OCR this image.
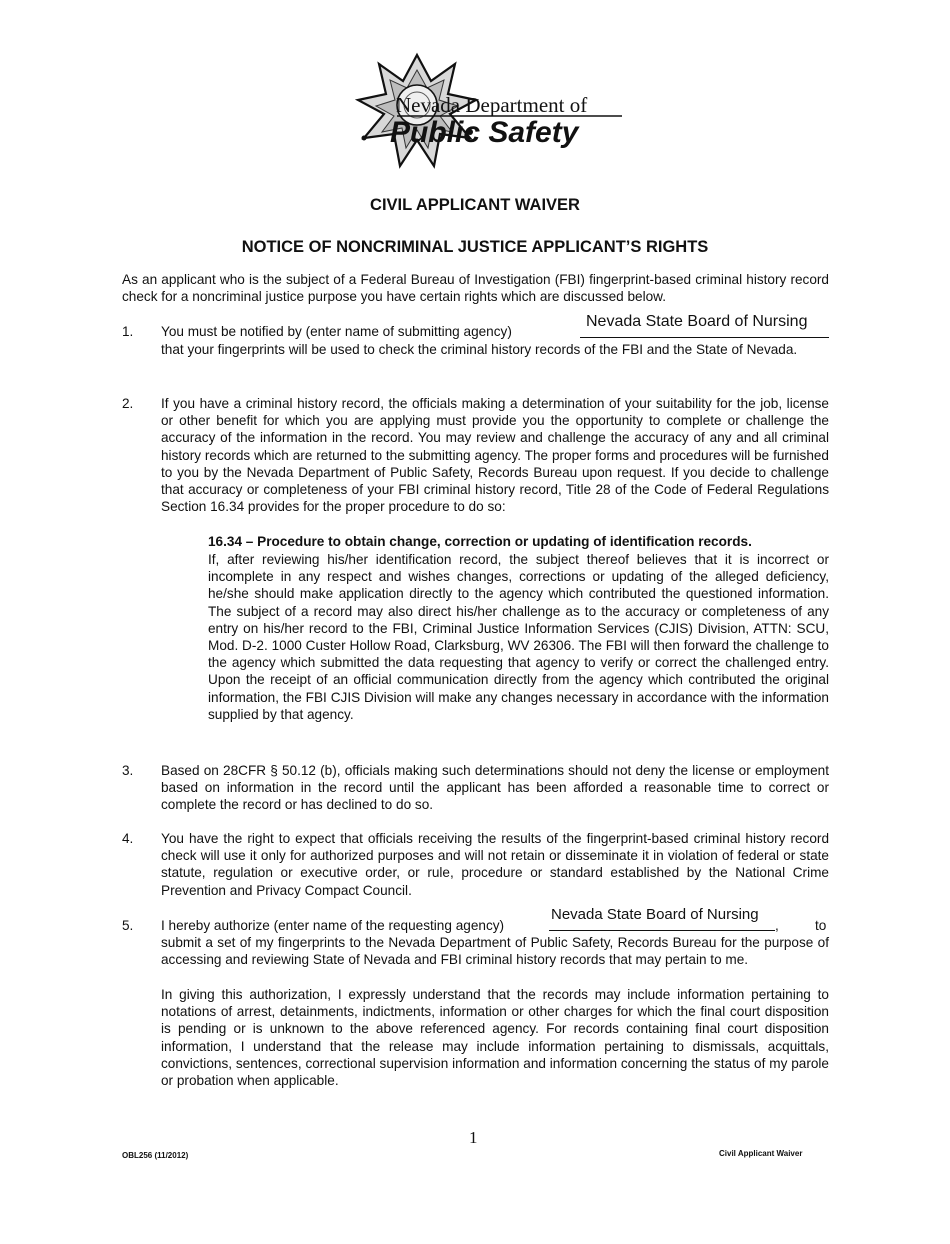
Nevada Department of
Public Safety
CIVIL APPLICANT WAIVER
NOTICE OF NONCRIMINAL JUSTICE APPLICANT’S RIGHTS
As an applicant who is the subject of a Federal Bureau of Investigation (FBI) fingerprint-based criminal history record check for a noncriminal justice purpose you have certain rights which are discussed below.
1. You must be notified by (enter name of submitting agency)
Nevada State Board of Nursing
that your fingerprints will be used to check the criminal history records of the FBI and the State of Nevada.
2. If you have a criminal history record, the officials making a determination of your suitability for the job, license or other benefit for which you are applying must provide you the opportunity to complete or challenge the accuracy of the information in the record. You may review and challenge the accuracy of any and all criminal history records which are returned to the submitting agency. The proper forms and procedures will be furnished to you by the Nevada Department of Public Safety, Records Bureau upon request. If you decide to challenge that accuracy or completeness of your FBI criminal history record, Title 28 of the Code of Federal Regulations Section 16.34 provides for the proper procedure to do so:
16.34 – Procedure to obtain change, correction or updating of identification records.
If, after reviewing his/her identification record, the subject thereof believes that it is incorrect or incomplete in any respect and wishes changes, corrections or updating of the alleged deficiency, he/she should make application directly to the agency which contributed the questioned information. The subject of a record may also direct his/her challenge as to the accuracy or completeness of any entry on his/her record to the FBI, Criminal Justice Information Services (CJIS) Division, ATTN: SCU, Mod. D-2. 1000 Custer Hollow Road, Clarksburg, WV 26306. The FBI will then forward the challenge to the agency which submitted the data requesting that agency to verify or correct the challenged entry. Upon the receipt of an official communication directly from the agency which contributed the original information, the FBI CJIS Division will make any changes necessary in accordance with the information supplied by that agency.
3. Based on 28CFR § 50.12 (b), officials making such determinations should not deny the license or employment based on information in the record until the applicant has been afforded a reasonable time to correct or complete the record or has declined to do so.
4. You have the right to expect that officials receiving the results of the fingerprint-based criminal history record check will use it only for authorized purposes and will not retain or disseminate it in violation of federal or state statute, regulation or executive order, or rule, procedure or standard established by the National Crime Prevention and Privacy Compact Council.
5. I hereby authorize (enter name of the requesting agency)
Nevada State Board of Nursing
,	to
submit a set of my fingerprints to the Nevada Department of Public Safety, Records Bureau for the purpose of accessing and reviewing State of Nevada and FBI criminal history records that may pertain to me.
In giving this authorization, I expressly understand that the records may include information pertaining to notations of arrest, detainments, indictments, information or other charges for which the final court disposition is pending or is unknown to the above referenced agency. For records containing final court disposition information, I understand that the release may include information pertaining to dismissals, acquittals, convictions, sentences, correctional supervision information and information concerning the status of my parole or probation when applicable.
1
OBL256 (11/2012)	Civil Applicant Waiver
